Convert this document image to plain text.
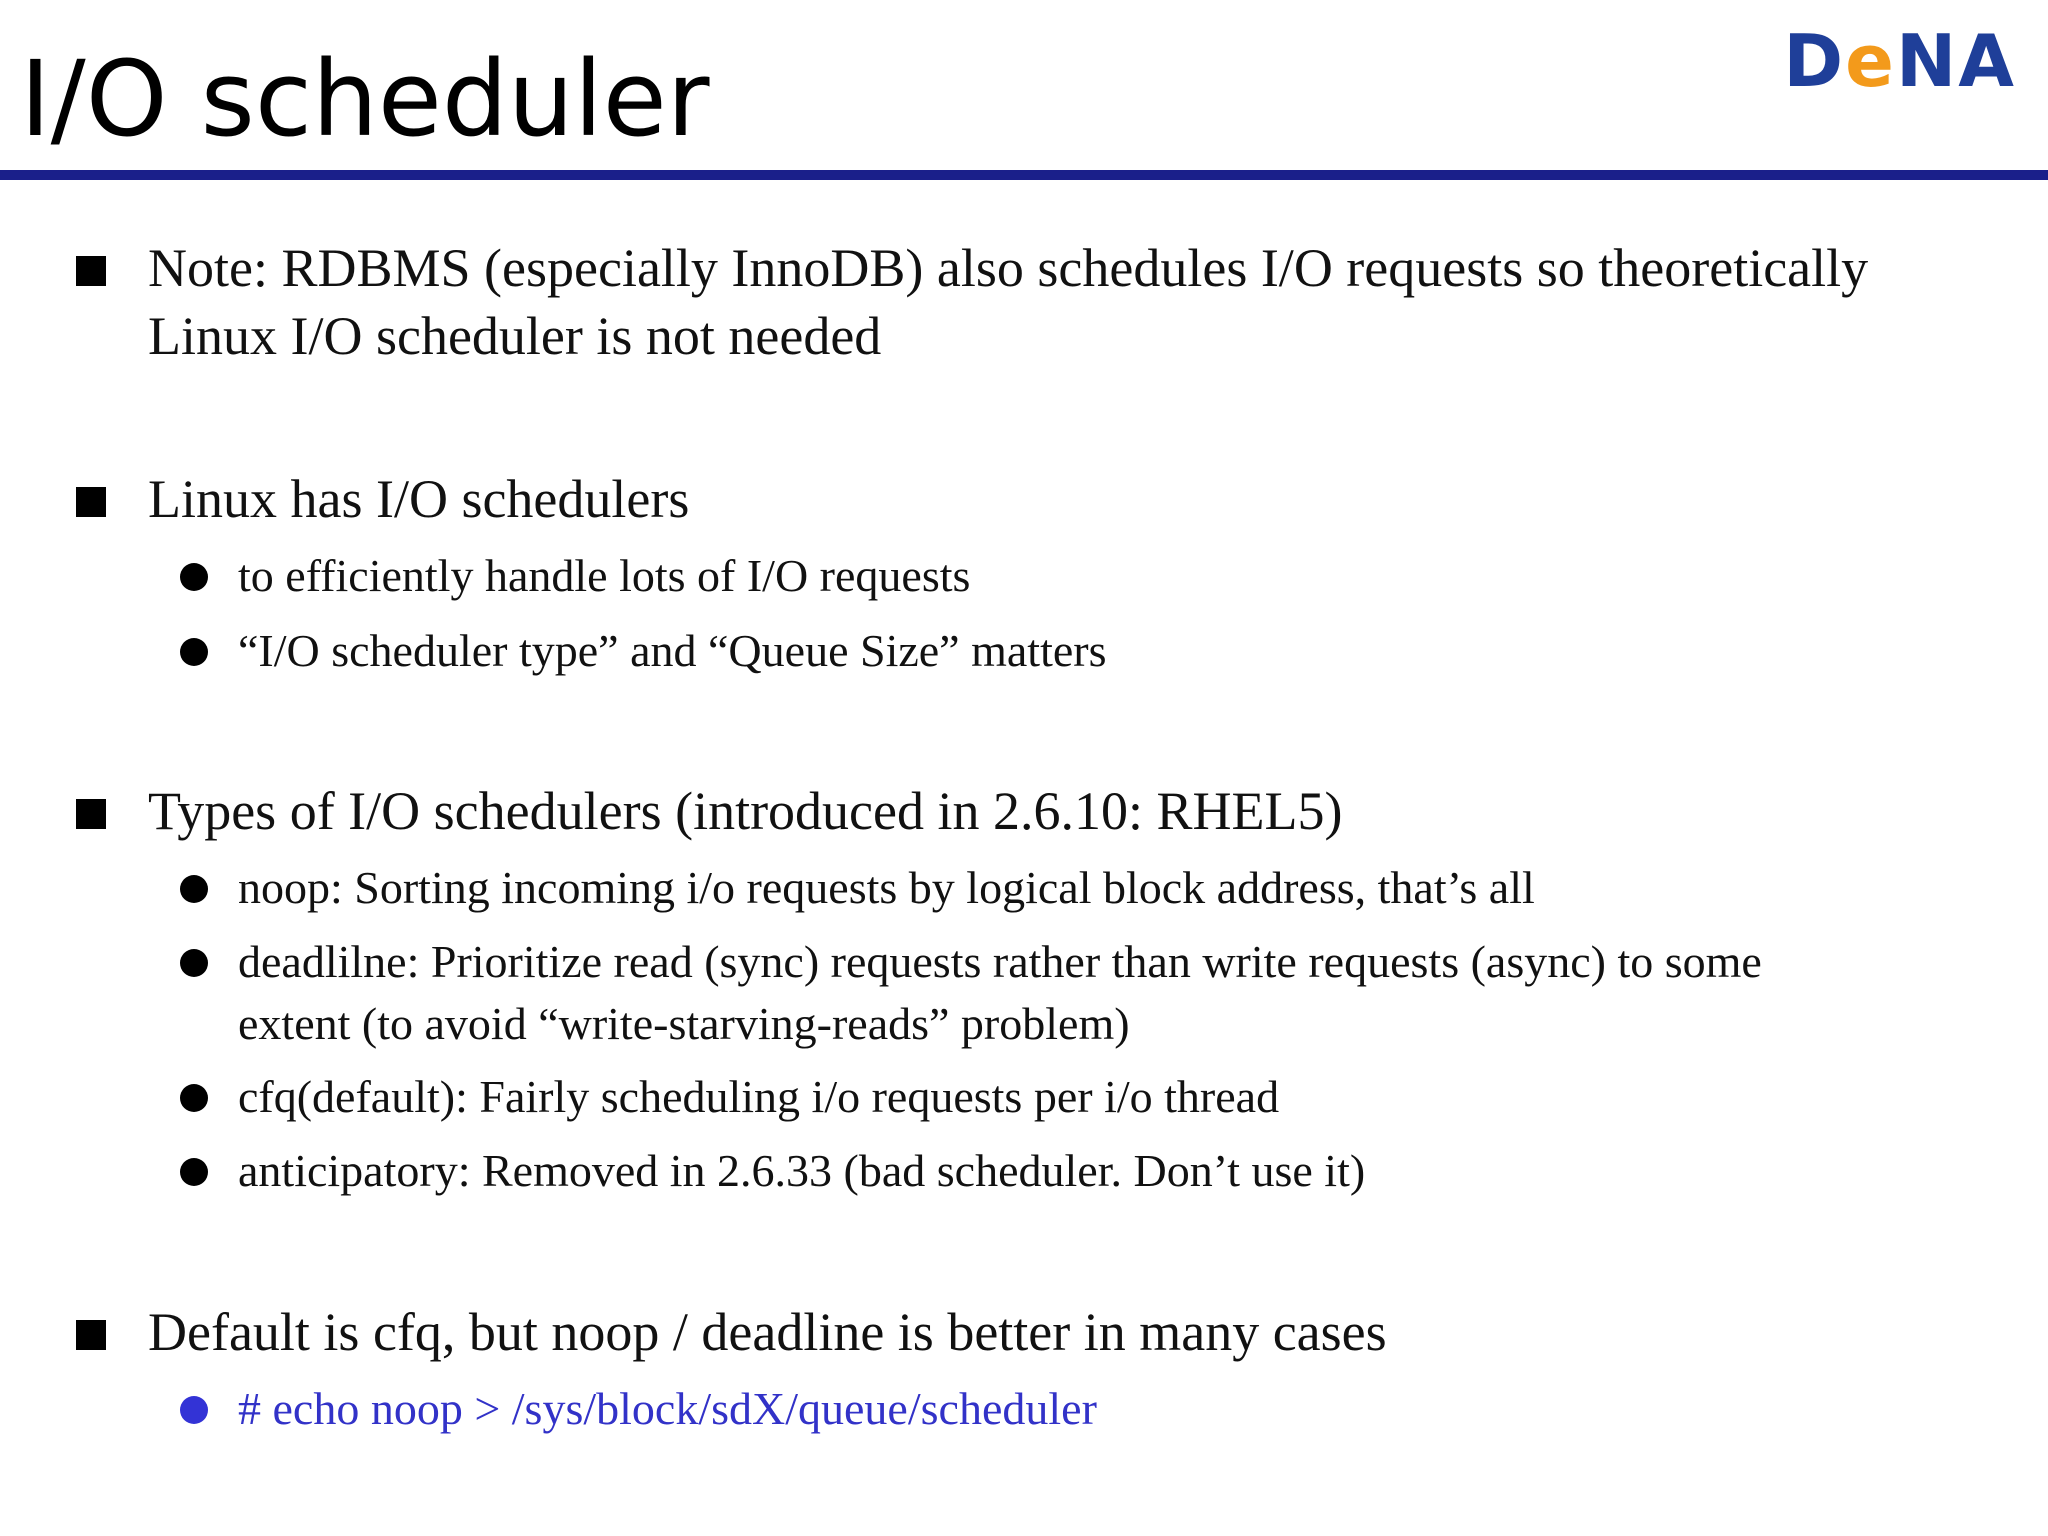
I/O scheduler	DeNA
Note: RDBMS (especially InnoDB) also schedules I/O requests so theoretically
Linux I/O scheduler is not needed
Linux has I/O schedulers
to efficiently handle lots of I/O requests
“I/O scheduler type” and “Queue Size” matters
Types of I/O schedulers (introduced in 2.6.10: RHEL5)
noop: Sorting incoming i/o requests by logical block address, that’s all
deadlilne: Prioritize read (sync) requests rather than write requests (async) to some
extent (to avoid “write-starving-reads” problem)
cfq(default): Fairly scheduling i/o requests per i/o thread
anticipatory: Removed in 2.6.33 (bad scheduler. Don’t use it)
Default is cfq, but noop / deadline is better in many cases
# echo noop > /sys/block/sdX/queue/scheduler
